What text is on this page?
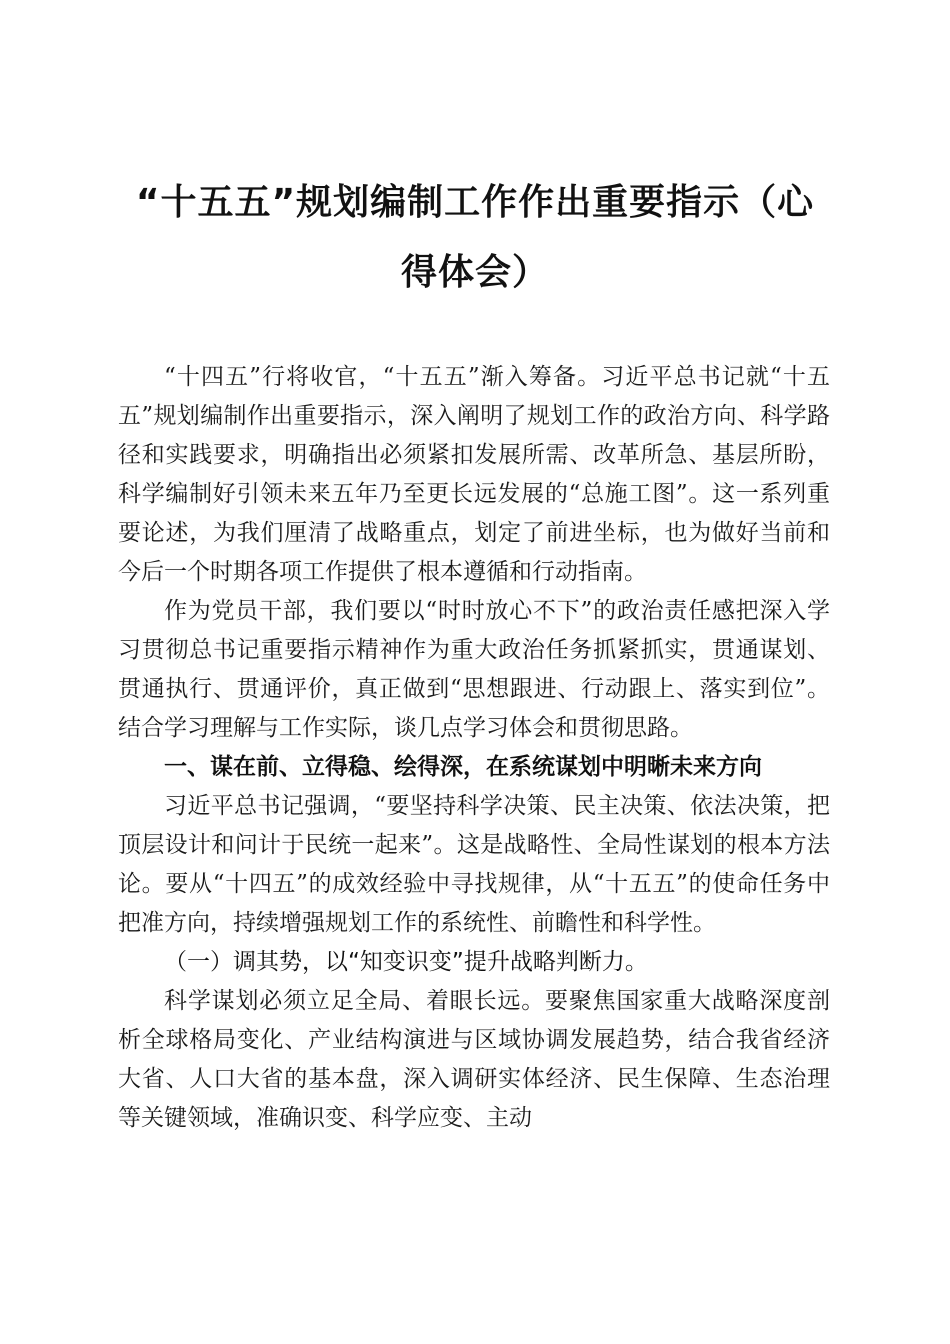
“十五五”规划编制工作作出重要指示（心得体会）

“十四五”行将收官，“十五五”渐入筹备。习近平总书记就“十五五”规划编制作出重要指示，深入阐明了规划工作的政治方向、科学路径和实践要求，明确指出必须紧扣发展所需、改革所急、基层所盼，科学编制好引领未来五年乃至更长远发展的“总施工图”。这一系列重要论述，为我们厘清了战略重点，划定了前进坐标，也为做好当前和今后一个时期各项工作提供了根本遵循和行动指南。

作为党员干部，我们要以“时时放心不下”的政治责任感把深入学习贯彻总书记重要指示精神作为重大政治任务抓紧抓实，贯通谋划、贯通执行、贯通评价，真正做到“思想跟进、行动跟上、落实到位”。结合学习理解与工作实际，谈几点学习体会和贯彻思路。

一、谋在前、立得稳、绘得深，在系统谋划中明晰未来方向

习近平总书记强调，“要坚持科学决策、民主决策、依法决策，把顶层设计和问计于民统一起来”。这是战略性、全局性谋划的根本方法论。要从“十四五”的成效经验中寻找规律，从“十五五”的使命任务中把准方向，持续增强规划工作的系统性、前瞻性和科学性。

（一）调其势，以“知变识变”提升战略判断力。

科学谋划必须立足全局、着眼长远。要聚焦国家重大战略深度剖析全球格局变化、产业结构演进与区域协调发展趋势，结合我省经济大省、人口大省的基本盘，深入调研实体经济、民生保障、生态治理等关键领域，准确识变、科学应变、主动
